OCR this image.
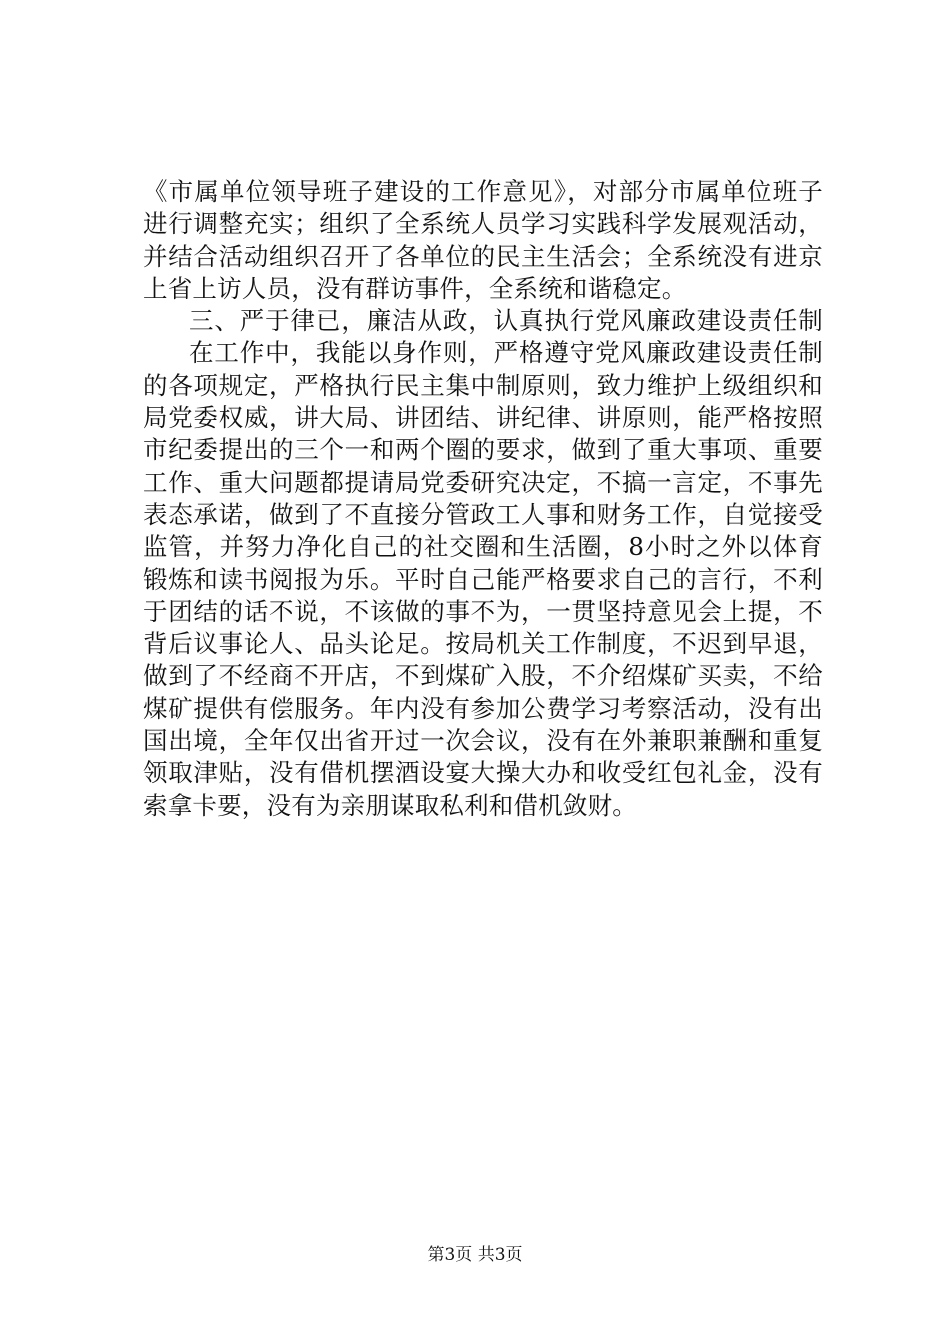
《市属单位领导班子建设的工作意见》，对部分市属单位班子
进行调整充实；组织了全系统人员学习实践科学发展观活动，
并结合活动组织召开了各单位的民主生活会；全系统没有进京
上省上访人员，没有群访事件，全系统和谐稳定。
三、严于律已，廉洁从政，认真执行党风廉政建设责任制
在工作中，我能以身作则，严格遵守党风廉政建设责任制
的各项规定，严格执行民主集中制原则，致力维护上级组织和
局党委权威，讲大局、讲团结、讲纪律、讲原则，能严格按照
市纪委提出的三个一和两个圈的要求，做到了重大事项、重要
工作、重大问题都提请局党委研究决定，不搞一言定，不事先
表态承诺，做到了不直接分管政工人事和财务工作，自觉接受
监管，并努力净化自己的社交圈和生活圈，8小时之外以体育
锻炼和读书阅报为乐。平时自己能严格要求自己的言行，不利
于团结的话不说，不该做的事不为，一贯坚持意见会上提，不
背后议事论人、品头论足。按局机关工作制度，不迟到早退，
做到了不经商不开店，不到煤矿入股，不介绍煤矿买卖，不给
煤矿提供有偿服务。年内没有参加公费学习考察活动，没有出
国出境，全年仅出省开过一次会议，没有在外兼职兼酬和重复
领取津贴，没有借机摆酒设宴大操大办和收受红包礼金，没有
索拿卡要，没有为亲朋谋取私利和借机敛财。
第3页 共3页
